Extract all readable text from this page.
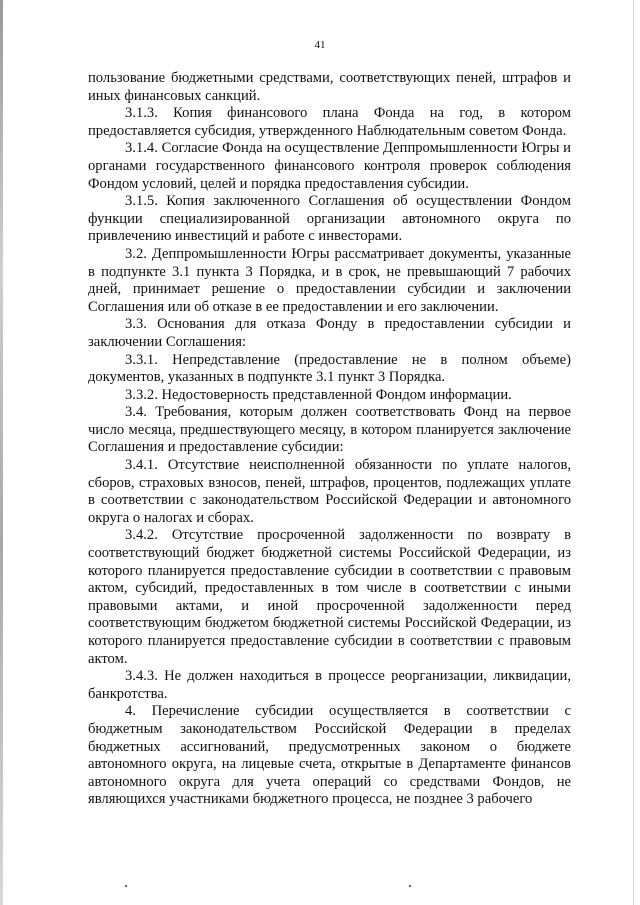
41

пользование бюджетными средствами, соответствующих пеней, штрафов и иных финансовых санкций.

3.1.3. Копия финансового плана Фонда на год, в котором предоставляется субсидия, утвержденного Наблюдательным советом Фонда.

3.1.4. Согласие Фонда на осуществление Деппромышленности Югры и органами государственного финансового контроля проверок соблюдения Фондом условий, целей и порядка предоставления субсидии.

3.1.5. Копия заключенного Соглашения об осуществлении Фондом функции специализированной организации автономного округа по привлечению инвестиций и работе с инвесторами.

3.2. Деппромышленности Югры рассматривает документы, указанные в подпункте 3.1 пункта 3 Порядка, и в срок, не превышающий 7 рабочих дней, принимает решение о предоставлении субсидии и заключении Соглашения или об отказе в ее предоставлении и его заключении.

3.3. Основания для отказа Фонду в предоставлении субсидии и заключении Соглашения:

3.3.1. Непредставление (предоставление не в полном объеме) документов, указанных в подпункте 3.1 пункт 3 Порядка.

3.3.2. Недостоверность представленной Фондом информации.

3.4. Требования, которым должен соответствовать Фонд на первое число месяца, предшествующего месяцу, в котором планируется заключение Соглашения и предоставление субсидии:

3.4.1. Отсутствие неисполненной обязанности по уплате налогов, сборов, страховых взносов, пеней, штрафов, процентов, подлежащих уплате в соответствии с законодательством Российской Федерации и автономного округа о налогах и сборах.

3.4.2. Отсутствие просроченной задолженности по возврату в соответствующий бюджет бюджетной системы Российской Федерации, из которого планируется предоставление субсидии в соответствии с правовым актом, субсидий, предоставленных в том числе в соответствии с иными правовыми актами, и иной просроченной задолженности перед соответствующим бюджетом бюджетной системы Российской Федерации, из которого планируется предоставление субсидии в соответствии с правовым актом.

3.4.3. Не должен находиться в процессе реорганизации, ликвидации, банкротства.

4. Перечисление субсидии осуществляется в соответствии с бюджетным законодательством Российской Федерации в пределах бюджетных ассигнований, предусмотренных законом о бюджете автономного округа, на лицевые счета, открытые в Департаменте финансов автономного округа для учета операций со средствами Фондов, не являющихся участниками бюджетного процесса, не позднее 3 рабочего
